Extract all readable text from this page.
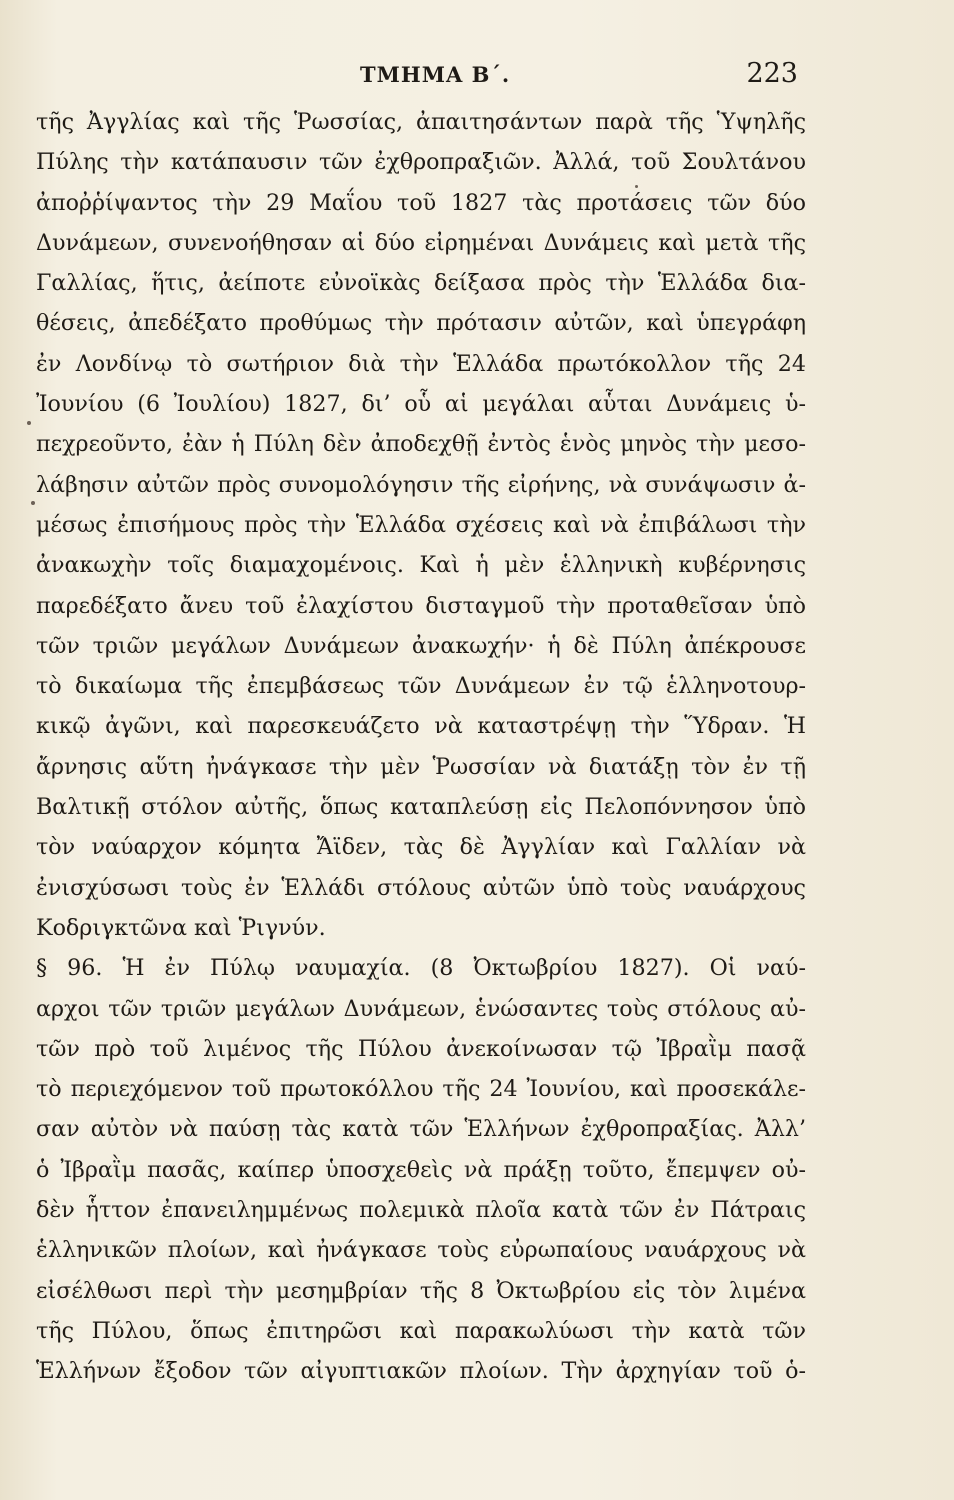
ΤΜΗΜΑ Β΄.	223
τῆς Ἀγγλίας καὶ τῆς Ῥωσσίας, ἀπαιτησάντων παρὰ τῆς Ὑψηλῆς
Πύλης τὴν κατάπαυσιν τῶν ἐχθροπραξιῶν. Ἀλλά, τοῦ Σουλτάνου
ἀποῤῥίψαντος τὴν 29 Μαΐου τοῦ 1827 τὰς προτάσεις τῶν δύο
Δυνάμεων, συνενοήθησαν αἱ δύο εἰρημέναι Δυνάμεις καὶ μετὰ τῆς
Γαλλίας, ἥτις, ἀείποτε εὐνοϊκὰς δείξασα πρὸς τὴν Ἑλλάδα δια-
θέσεις, ἀπεδέξατο προθύμως τὴν πρότασιν αὐτῶν, καὶ ὑπεγράφη
ἐν Λονδίνῳ τὸ σωτήριον διὰ τὴν Ἑλλάδα πρωτόκολλον τῆς 24
Ἰουνίου (6 Ἰουλίου) 1827, δι’ οὗ αἱ μεγάλαι αὗται Δυνάμεις ὑ-
πεχρεοῦντο, ἐὰν ἡ Πύλη δὲν ἀποδεχθῇ ἐντὸς ἑνὸς μηνὸς τὴν μεσο-
λάβησιν αὐτῶν πρὸς συνομολόγησιν τῆς εἰρήνης, νὰ συνάψωσιν ἀ-
μέσως ἐπισήμους πρὸς τὴν Ἑλλάδα σχέσεις καὶ νὰ ἐπιβάλωσι τὴν
ἀνακωχὴν τοῖς διαμαχομένοις. Καὶ ἡ μὲν ἑλληνικὴ κυβέρνησις
παρεδέξατο ἄνευ τοῦ ἐλαχίστου δισταγμοῦ τὴν προταθεῖσαν ὑπὸ
τῶν τριῶν μεγάλων Δυνάμεων ἀνακωχήν· ἡ δὲ Πύλη ἀπέκρουσε
τὸ δικαίωμα τῆς ἐπεμβάσεως τῶν Δυνάμεων ἐν τῷ ἑλληνοτουρ-
κικῷ ἀγῶνι, καὶ παρεσκευάζετο νὰ καταστρέψῃ τὴν Ὕδραν. Ἡ
ἄρνησις αὕτη ἠνάγκασε τὴν μὲν Ῥωσσίαν νὰ διατάξῃ τὸν ἐν τῇ
Βαλτικῇ στόλον αὐτῆς, ὅπως καταπλεύσῃ εἰς Πελοπόννησον ὑπὸ
τὸν ναύαρχον κόμητα Ἄϊδεν, τὰς δὲ Ἀγγλίαν καὶ Γαλλίαν νὰ
ἐνισχύσωσι τοὺς ἐν Ἑλλάδι στόλους αὐτῶν ὑπὸ τοὺς ναυάρχους
Κοδριγκτῶνα καὶ Ῥιγνύν.
§ 96. Ἡ ἐν Πύλῳ ναυμαχία. (8 Ὀκτωβρίου 1827). Οἱ ναύ-
αρχοι τῶν τριῶν μεγάλων Δυνάμεων, ἑνώσαντες τοὺς στόλους αὐ-
τῶν πρὸ τοῦ λιμένος τῆς Πύλου ἀνεκοίνωσαν τῷ Ἰβραῒμ πασᾷ
τὸ περιεχόμενον τοῦ πρωτοκόλλου τῆς 24 Ἰουνίου, καὶ προσεκάλε-
σαν αὐτὸν νὰ παύσῃ τὰς κατὰ τῶν Ἑλλήνων ἐχθροπραξίας. Ἀλλ’
ὁ Ἰβραῒμ πασᾶς, καίπερ ὑποσχεθεὶς νὰ πράξῃ τοῦτο, ἔπεμψεν οὐ-
δὲν ἧττον ἐπανειλημμένως πολεμικὰ πλοῖα κατὰ τῶν ἐν Πάτραις
ἑλληνικῶν πλοίων, καὶ ἠνάγκασε τοὺς εὐρωπαίους ναυάρχους νὰ
εἰσέλθωσι περὶ τὴν μεσημβρίαν τῆς 8 Ὀκτωβρίου εἰς τὸν λιμένα
τῆς Πύλου, ὅπως ἐπιτηρῶσι καὶ παρακωλύωσι τὴν κατὰ τῶν
Ἑλλήνων ἔξοδον τῶν αἰγυπτιακῶν πλοίων. Τὴν ἀρχηγίαν τοῦ ὁ-
